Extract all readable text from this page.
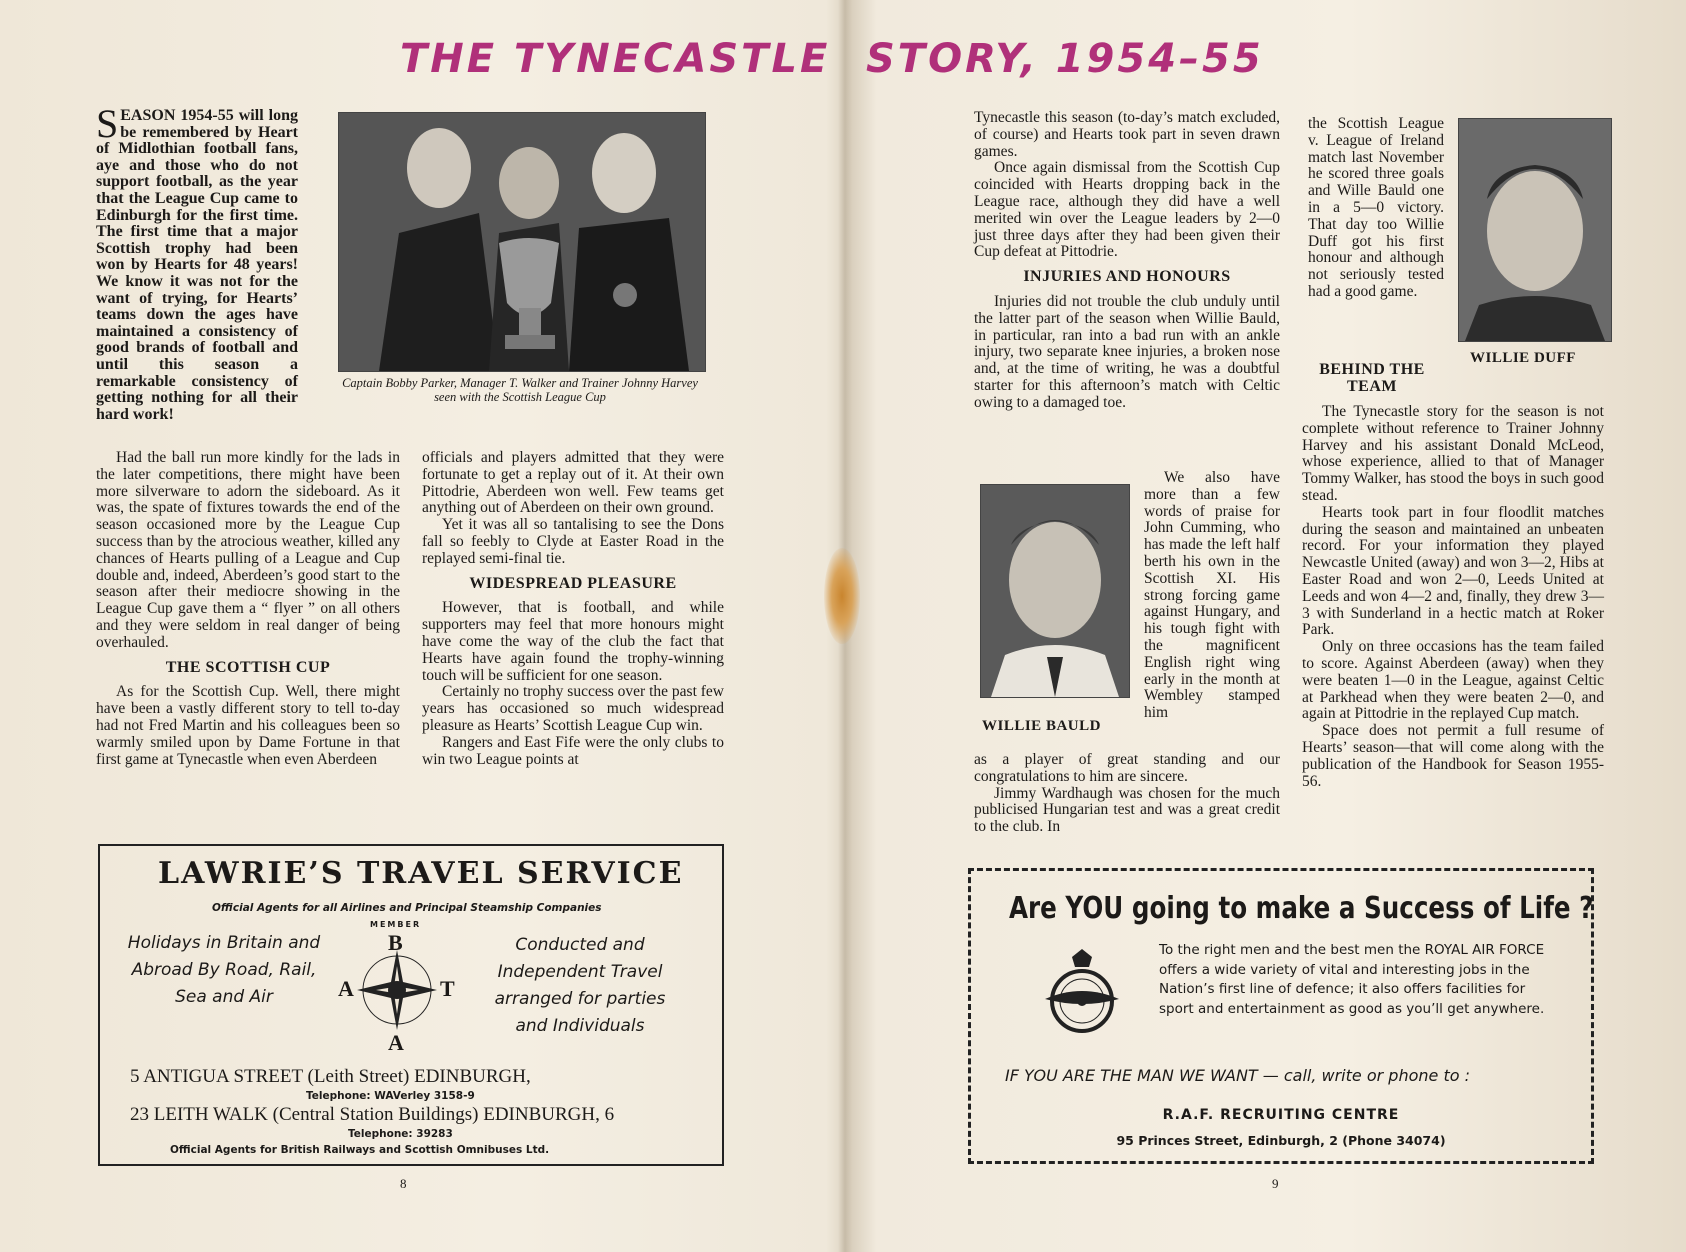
THE TYNECASTLE STORY, 1954–55
S EASON 1954-55 will long be remembered by Heart of Midlothian football fans, aye and those who do not support football, as the year that the League Cup came to Edinburgh for the first time. The first time that a major Scottish trophy had been won by Hearts for 48 years! We know it was not for the want of trying, for Hearts’ teams down the ages have maintained a consistency of good brands of football and until this season a remarkable consistency of getting nothing for all their hard work!
Captain Bobby Parker, Manager T. Walker and Trainer Johnny Harvey seen with the Scottish League Cup

Had the ball run more kindly for the lads in the later competitions, there might have been more silverware to adorn the sideboard. As it was, the spate of fixtures towards the end of the season occasioned more by the League Cup success than by the atrocious weather, killed any chances of Hearts pulling of a League and Cup double and, indeed, Aberdeen’s good start to the season after their mediocre showing in the League Cup gave them a “ flyer ” on all others and they were seldom in real danger of being overhauled.

THE SCOTTISH CUP

As for the Scottish Cup. Well, there might have been a vastly different story to tell to-day had not Fred Martin and his colleagues been so warmly smiled upon by Dame Fortune in that first game at Tynecastle when even Aberdeen

officials and players admitted that they were fortunate to get a replay out of it. At their own Pittodrie, Aberdeen won well. Few teams get anything out of Aberdeen on their own ground.

Yet it was all so tantalising to see the Dons fall so feebly to Clyde at Easter Road in the replayed semi-final tie.

WIDESPREAD PLEASURE

However, that is football, and while supporters may feel that more honours might have come the way of the club the fact that Hearts have again found the trophy-winning touch will be sufficient for one season.

Certainly no trophy success over the past few years has occasioned so much widespread pleasure as Hearts’ Scottish League Cup win.

Rangers and East Fife were the only clubs to win two League points at

Tynecastle this season (to-day’s match excluded, of course) and Hearts took part in seven drawn games.

Once again dismissal from the Scottish Cup coincided with Hearts dropping back in the League race, although they did have a well merited win over the League leaders by 2—0 just three days after they had been given their Cup defeat at Pittodrie.

INJURIES AND HONOURS

Injuries did not trouble the club unduly until the latter part of the season when Willie Bauld, in particular, ran into a bad run with an ankle injury, two separate knee injuries, a broken nose and, at the time of writing, he was a doubtful starter for this afternoon’s match with Celtic owing to a damaged toe.

WILLIE BAULD

We also have more than a few words of praise for John Cumming, who has made the left half berth his own in the Scottish XI. His strong forcing game against Hungary, and his tough fight with the magnificent English right wing early in the month at Wembley stamped him

as a player of great standing and our congratulations to him are sincere.

Jimmy Wardhaugh was chosen for the much publicised Hungarian test and was a great credit to the club. In

WILLIE DUFF

the Scottish League v. League of Ireland match last November he scored three goals and Wille Bauld one in a 5—0 victory. That day too Willie Duff got his first honour and although not seriously tested had a good game.

BEHIND THE TEAM

The Tynecastle story for the season is not complete without reference to Trainer Johnny Harvey and his assistant Donald McLeod, whose experience, allied to that of Manager Tommy Walker, has stood the boys in such good stead.

Hearts took part in four floodlit matches during the season and maintained an unbeaten record. For your information they played Newcastle United (away) and won 3—2, Hibs at Easter Road and won 2—0, Leeds United at Leeds and won 4—2 and, finally, they drew 3—3 with Sunderland in a hectic match at Roker Park.

Only on three occasions has the team failed to score. Against Aberdeen (away) when they were beaten 1—0 in the League, against Celtic at Parkhead when they were beaten 2—0, and again at Pittodrie in the replayed Cup match.

Space does not permit a full resume of Hearts’ season—that will come along with the publication of the Handbook for Season 1955-56.

LAWRIE’S TRAVEL SERVICE
Official Agents for all Airlines and Principal Steamship Companies
Holidays in Britain and Abroad By Road, Rail, Sea and Air
Conducted and Independent Travel arranged for parties and Individuals
MEMBER
B
A	T
A
5 ANTIGUA STREET (Leith Street) EDINBURGH,
Telephone: WAVerley 3158-9
23 LEITH WALK (Central Station Buildings) EDINBURGH, 6
Telephone: 39283
Official Agents for British Railways and Scottish Omnibuses Ltd.
Are YOU going to make a Success of Life ?
To the right men and the best men the ROYAL AIR FORCE offers a wide variety of vital and interesting jobs in the Nation’s first line of defence; it also offers facilities for sport and entertainment as good as you’ll get anywhere.
IF YOU ARE THE MAN WE WANT — call, write or phone to :
R.A.F. RECRUITING CENTRE
95 Princes Street, Edinburgh, 2 (Phone 34074)
8	9
